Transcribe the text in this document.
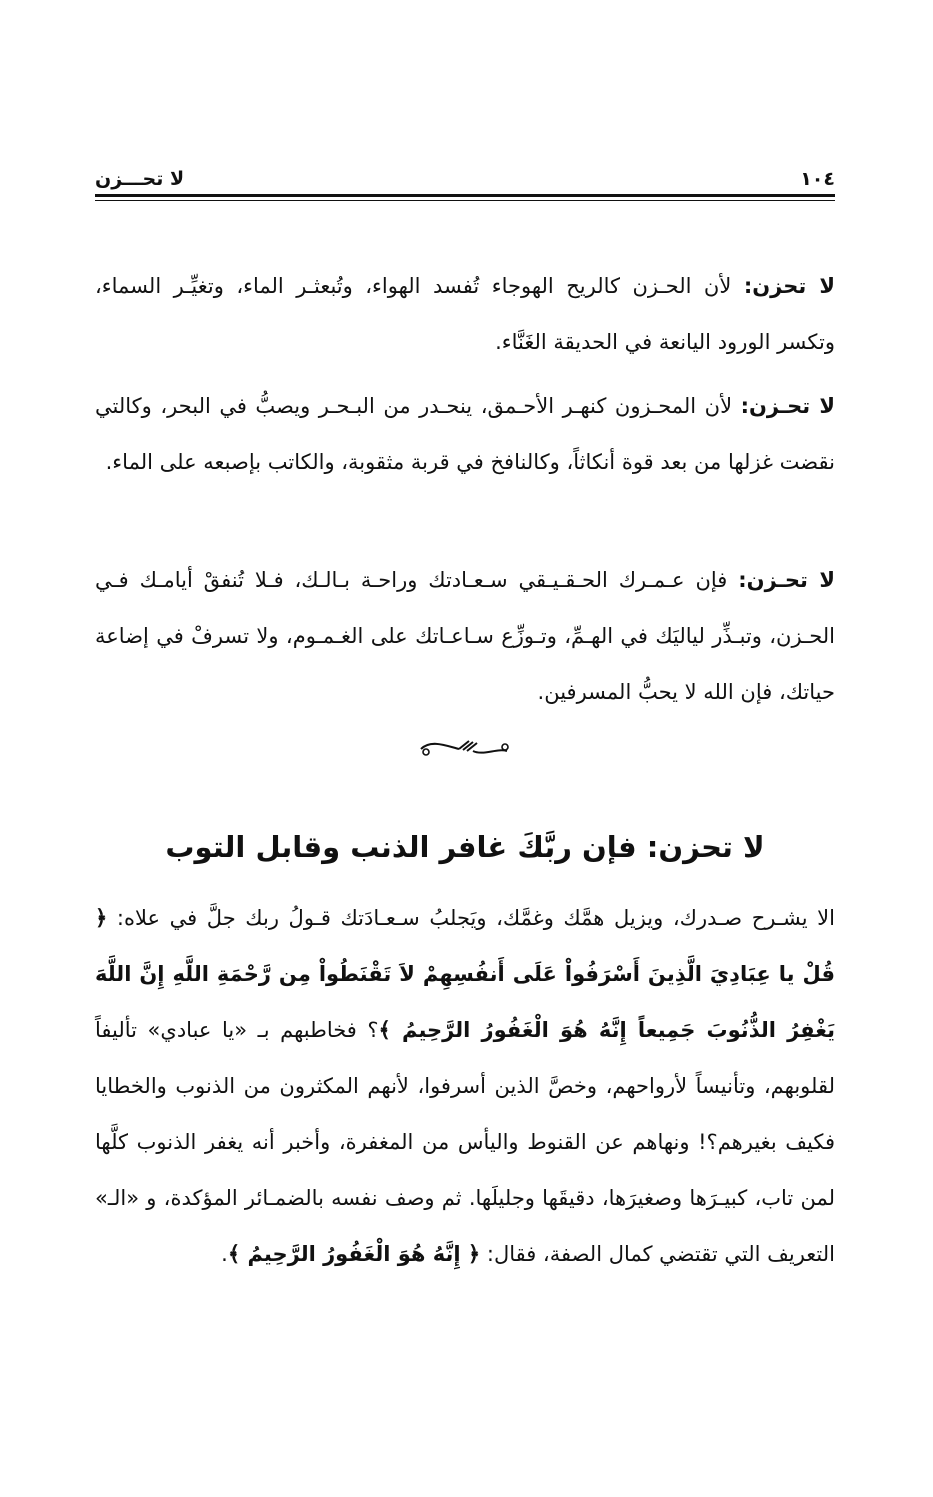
١٠٤
لا تحـــزن

لا تحزن: لأن الحـزن كالريح الهوجاء تُفسد الهواء، وتُبعثـر الماء، وتغيِّـر السماء، وتكسر الورود اليانعة في الحديقة الغَنَّاء.

لا تحـزن: لأن المحـزون كنهـر الأحـمق، ينحـدر من البـحـر ويصبُّ في البحر، وكالتي نقضت غزلها من بعد قوة أنكاثاً، وكالنافخ في قربة مثقوبة، والكاتب بإصبعه على الماء.

لا تحـزن: فإن عـمـرك الحـقـيـقي سـعـادتك وراحـة بـالـك، فـلا تُنفقْ أيامـك فـي الحـزن، وتبـذِّر لياليَك في الهـمِّ، وتـوزِّع سـاعـاتك على الغـمـوم، ولا تسرفْ في إضاعة حياتك، فإن الله لا يحبُّ المسرفين.

لا تحزن: فإن ربَّكَ غافر الذنب وقابل التوب

الا يشـرح صـدرك، ويزيل همَّك وغمَّك، ويَجلبُ سـعـادَتك قـولُ ربك جلَّ في علاه: ﴿ قُلْ يا عِبَادِيَ الَّذِينَ أَسْرَفُواْ عَلَى أَنفُسِهِمْ لاَ تَقْنَطُواْ مِن رَّحْمَةِ اللَّهِ إِنَّ اللَّهَ يَغْفِرُ الذُّنُوبَ جَمِيعاً إِنَّهُ هُوَ الْغَفُورُ الرَّحِيمُ ﴾؟ فخاطبهم بـ «يا عبادي» تأليفاً لقلوبهم، وتأنيساً لأرواحهم، وخصَّ الذين أسرفوا، لأنهم المكثرون من الذنوب والخطايا فكيف بغيرهم؟! ونهاهم عن القنوط واليأس من المغفرة، وأخبر أنه يغفر الذنوب كلَّها لمن تاب، كبيـرَها وصغيرَها، دقيقَها وجليلَها. ثم وصف نفسه بالضمـائر المؤكدة، و «الـ» التعريف التي تقتضي كمال الصفة، فقال: ﴿ إِنَّهُ هُوَ الْغَفُورُ الرَّحِيمُ ﴾.
